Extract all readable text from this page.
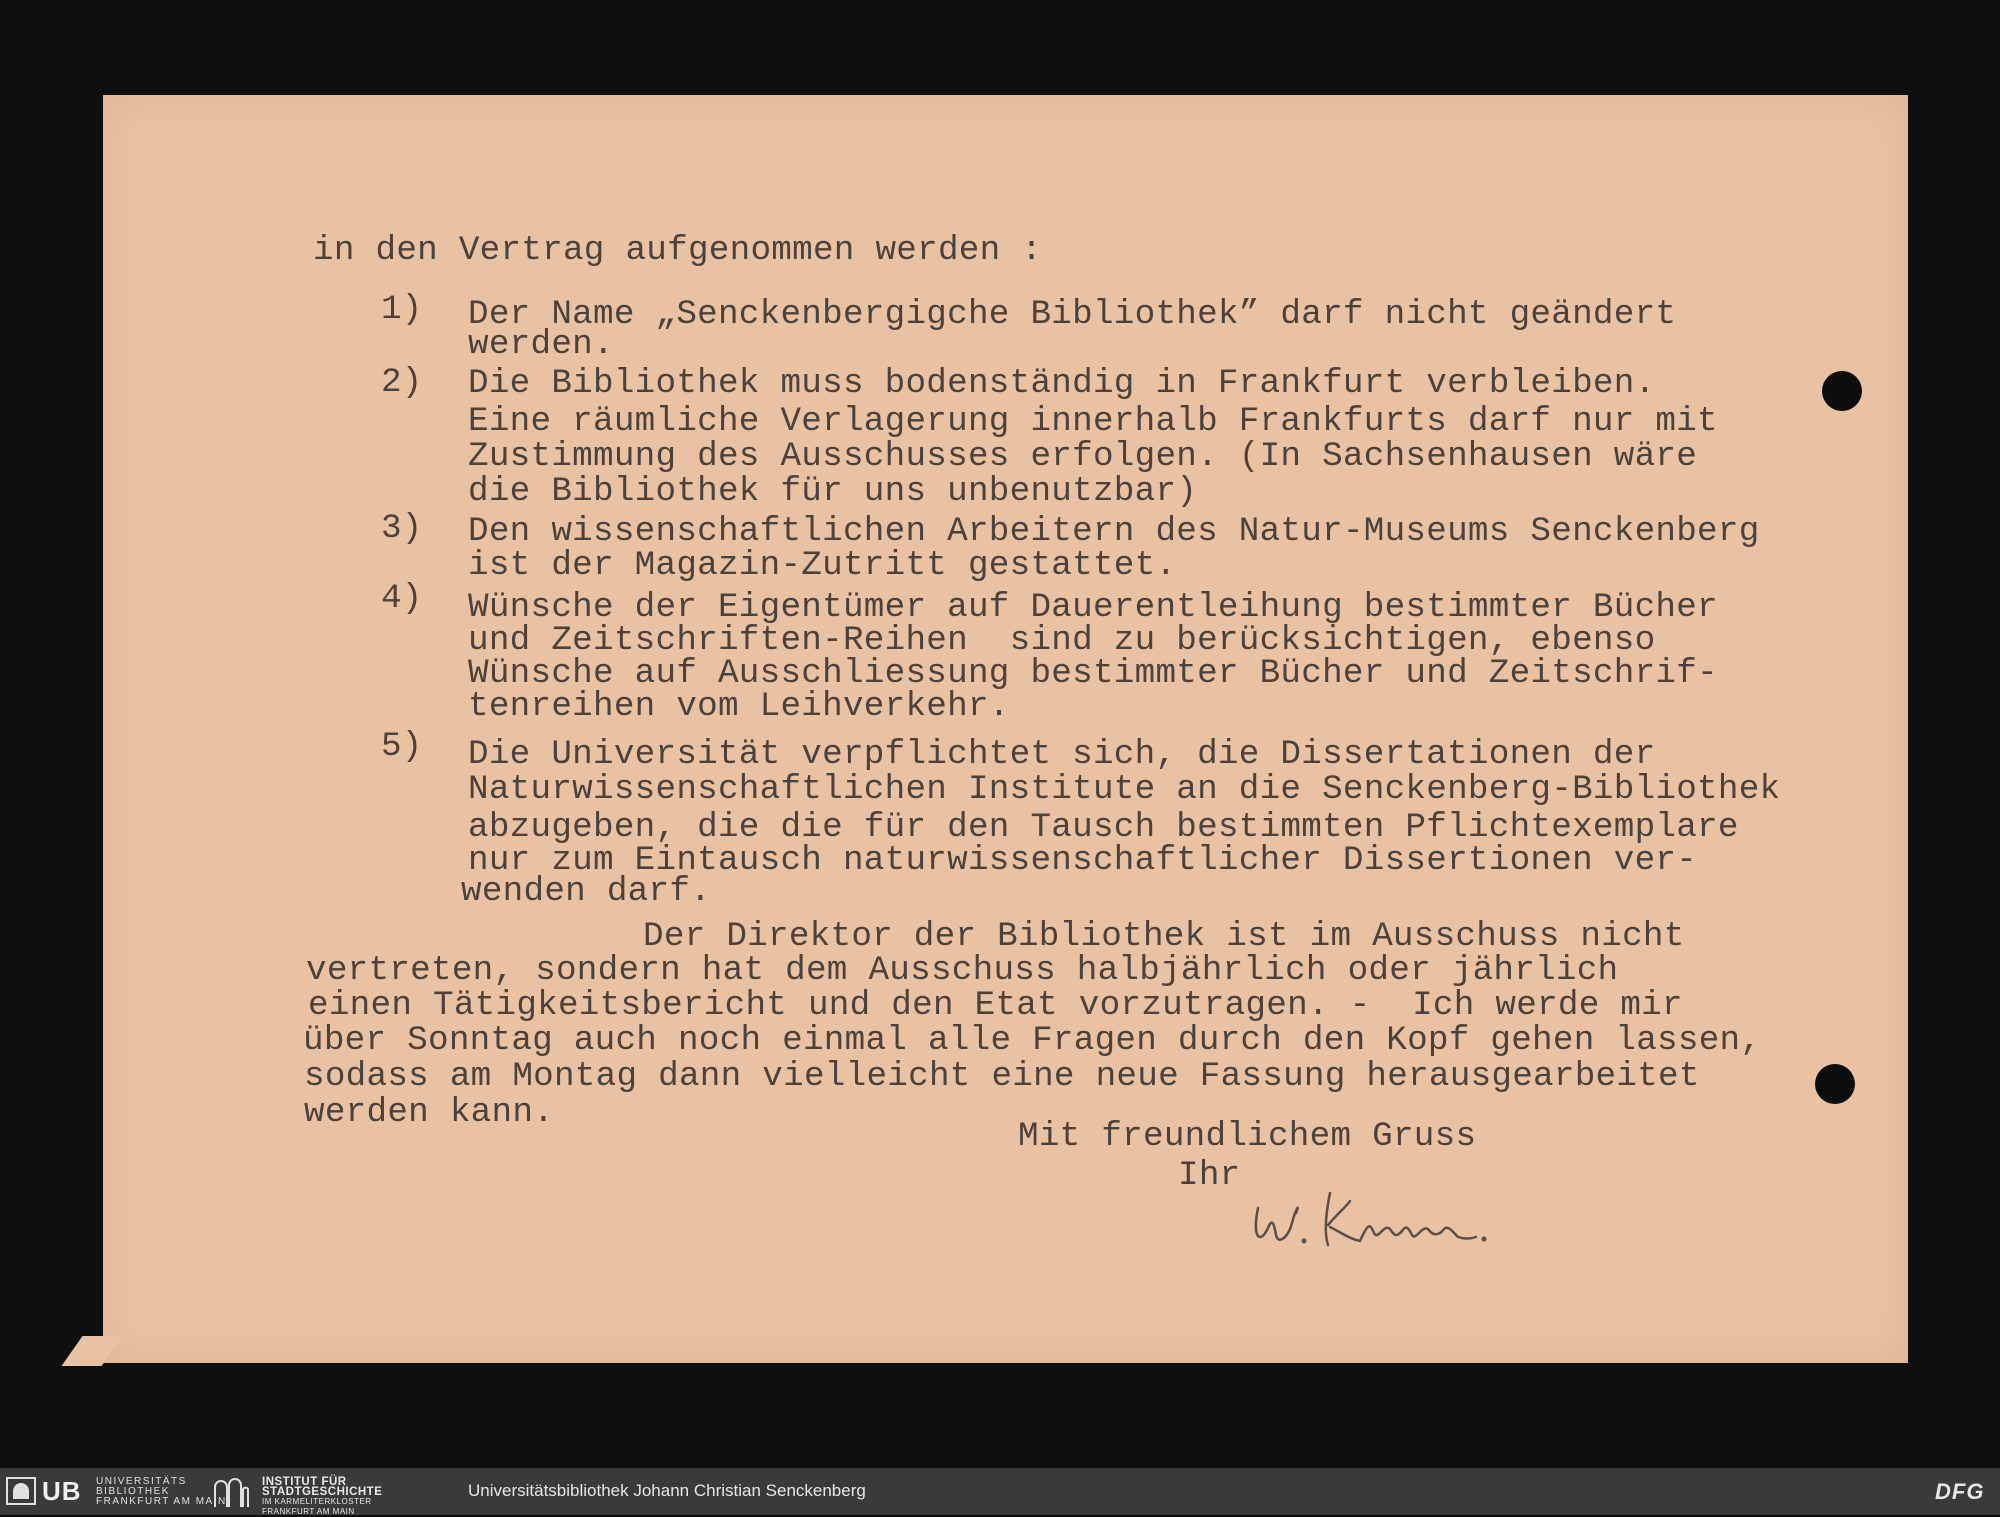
in den Vertrag aufgenommen werden :
1) Der Name „Senckenbergigche Bibliothek” darf nicht geändert
werden.
2) Die Bibliothek muss bodenständig in Frankfurt verbleiben.
Eine räumliche Verlagerung innerhalb Frankfurts darf nur mit
Zustimmung des Ausschusses erfolgen. (In Sachsenhausen wäre
die Bibliothek für uns unbenutzbar)
3) Den wissenschaftlichen Arbeitern des Natur-Museums Senckenberg
ist der Magazin-Zutritt gestattet.
4) Wünsche der Eigentümer auf Dauerentleihung bestimmter Bücher
und Zeitschriften-Reihen  sind zu berücksichtigen, ebenso
Wünsche auf Ausschliessung bestimmter Bücher und Zeitschrif-
tenreihen vom Leihverkehr.
5) Die Universität verpflichtet sich, die Dissertationen der
Naturwissenschaftlichen Institute an die Senckenberg-Bibliothek
abzugeben, die die für den Tausch bestimmten Pflichtexemplare
nur zum Eintausch naturwissenschaftlicher Dissertionen ver-
wenden darf.
Der Direktor der Bibliothek ist im Ausschuss nicht
vertreten, sondern hat dem Ausschuss halbjährlich oder jährlich
einen Tätigkeitsbericht und den Etat vorzutragen. -  Ich werde mir
über Sonntag auch noch einmal alle Fragen durch den Kopf gehen lassen,
sodass am Montag dann vielleicht eine neue Fassung herausgearbeitet
werden kann.
Mit freundlichem Gruss
Ihr
UB UNIVERSITÄTS
BIBLIOTHEK
FRANKFURT AM MAIN
INSTITUT FÜR
STADTGESCHICHTE
IM KARMELITERKLOSTER
FRANKFURT AM MAIN
Universitätsbibliothek Johann Christian Senckenberg	DFG
